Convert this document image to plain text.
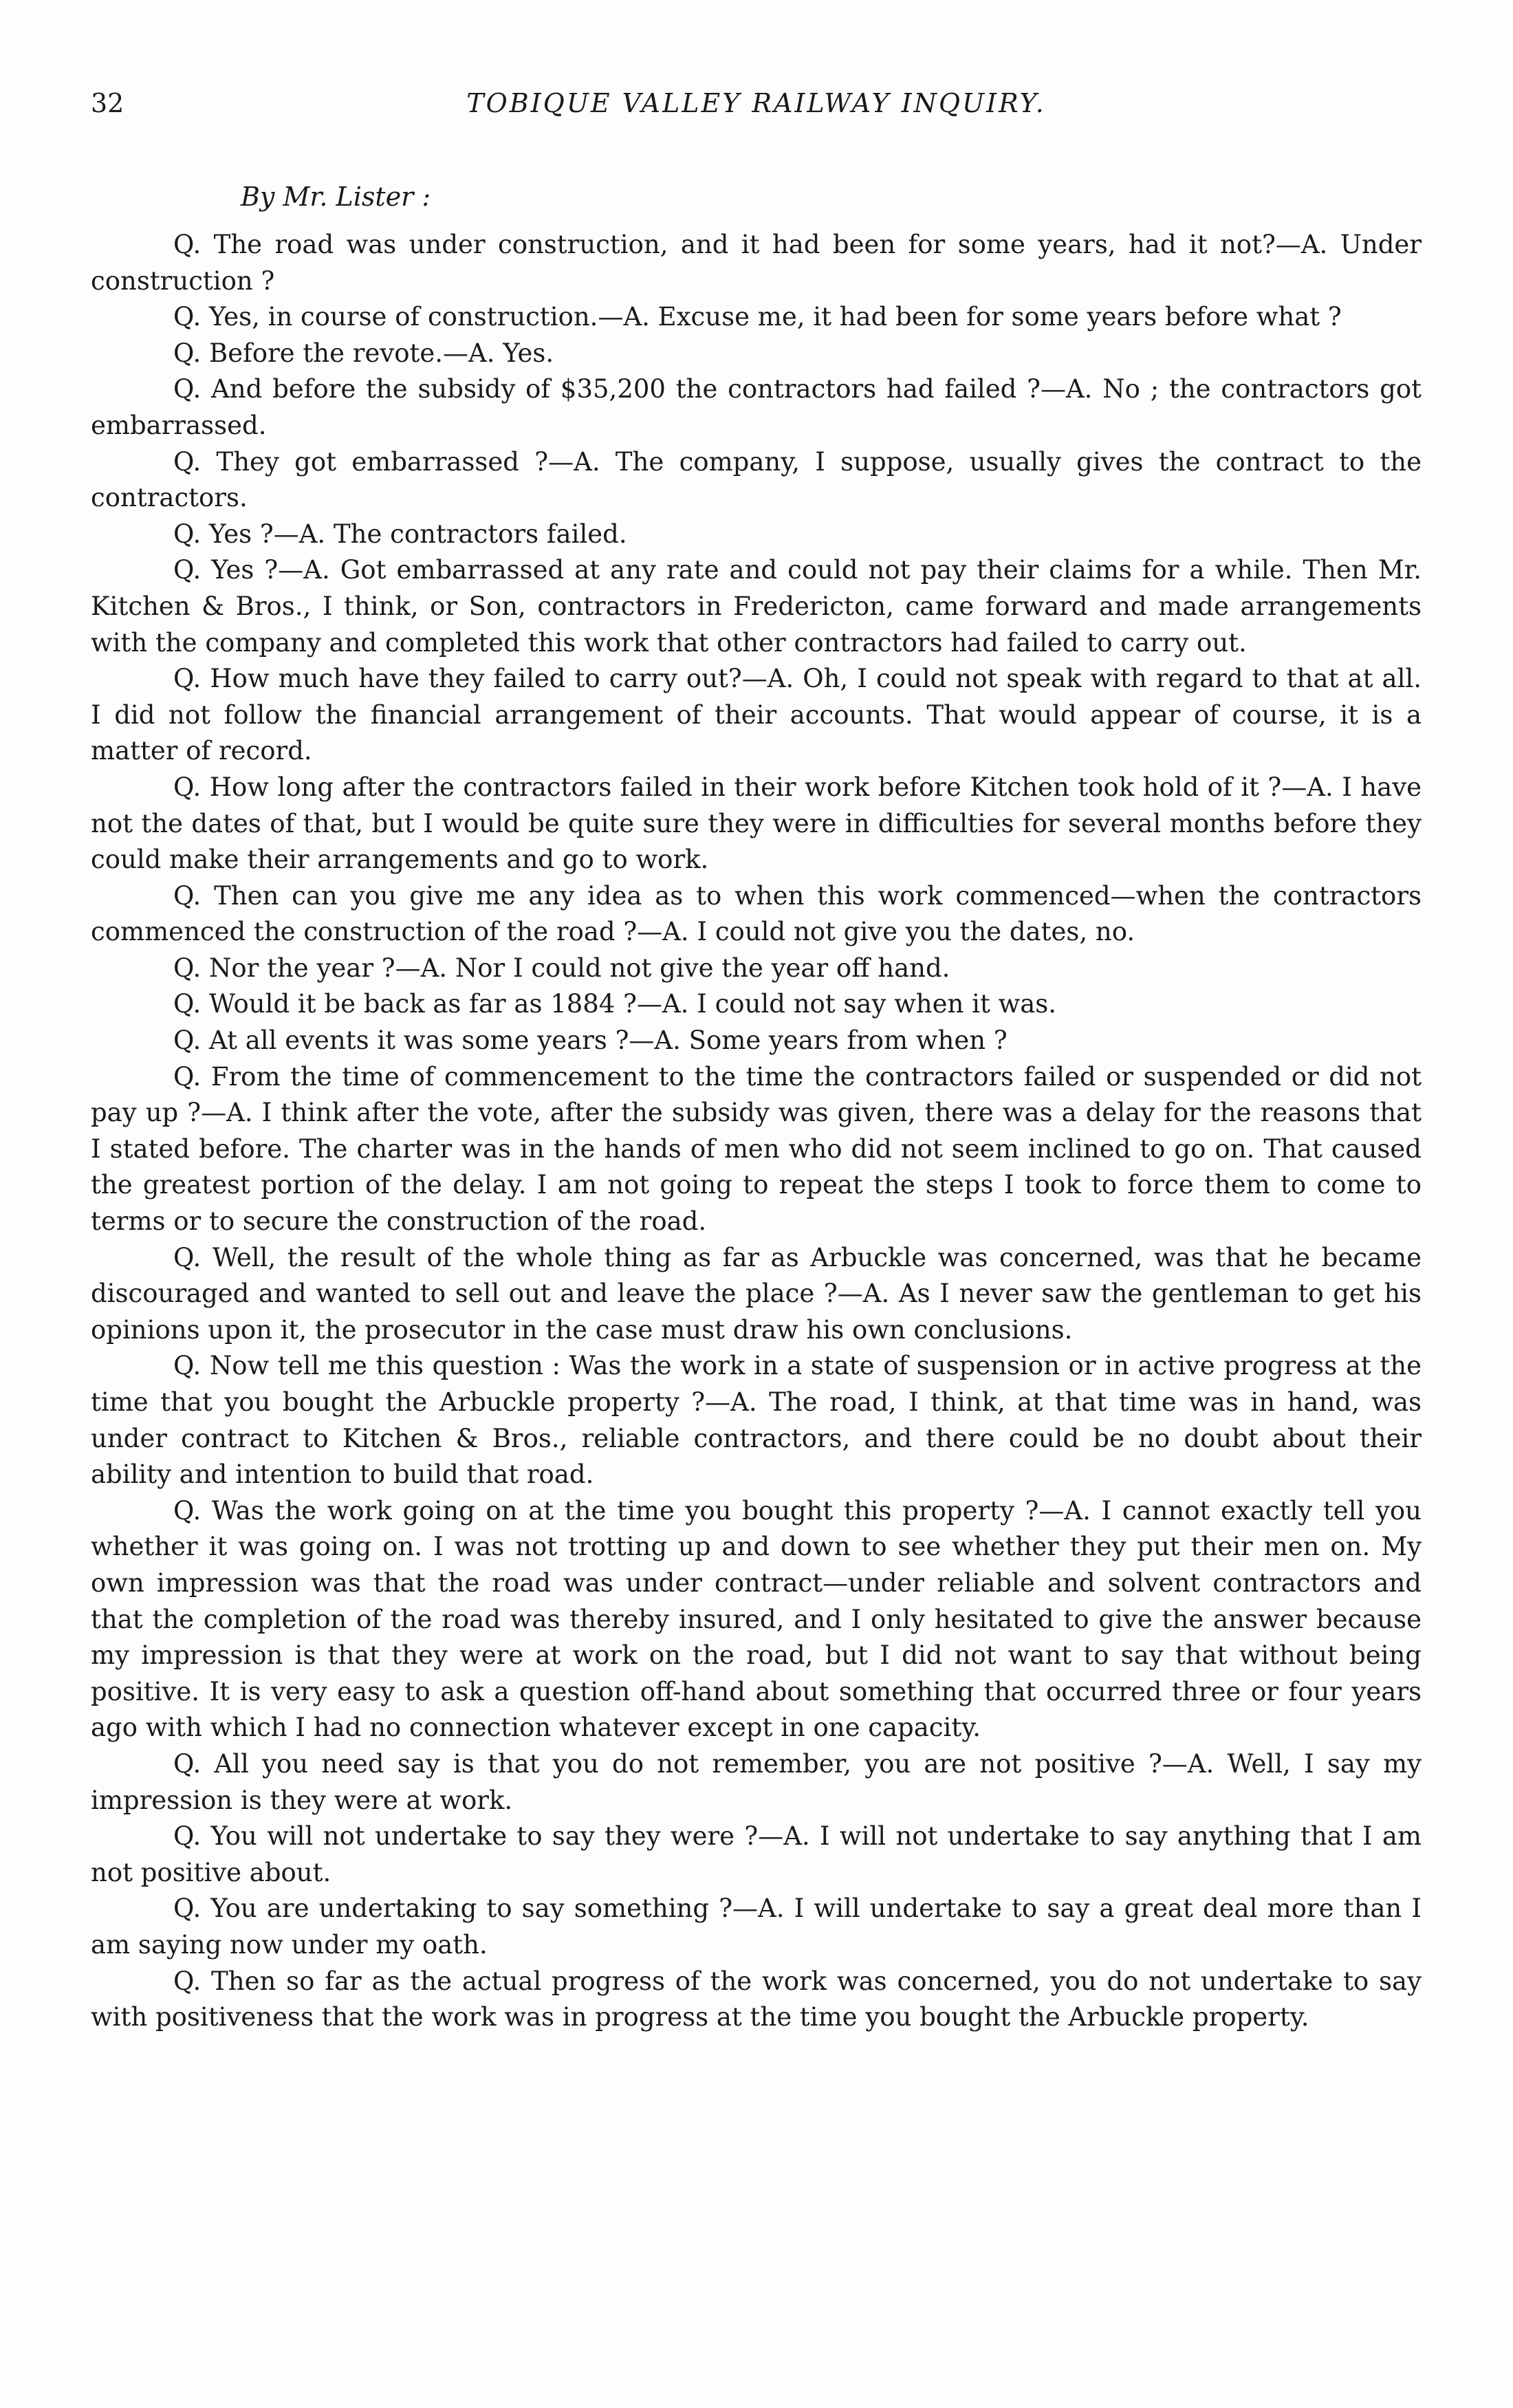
32	TOBIQUE VALLEY RAILWAY INQUIRY.
By Mr. Lister :

Q. The road was under construction, and it had been for some years, had it not?—A. Under construction ?

Q. Yes, in course of construction.—A. Excuse me, it had been for some years before what ?

Q. Before the revote.—A. Yes.

Q. And before the subsidy of $35,200 the contractors had failed ?—A. No ; the contractors got embarrassed.

Q. They got embarrassed ?—A. The company, I suppose, usually gives the contract to the contractors.

Q. Yes ?—A. The contractors failed.

Q. Yes ?—A. Got embarrassed at any rate and could not pay their claims for a while. Then Mr. Kitchen & Bros., I think, or Son, contractors in Fredericton, came forward and made arrangements with the company and completed this work that other contractors had failed to carry out.

Q. How much have they failed to carry out?—A. Oh, I could not speak with regard to that at all. I did not follow the financial arrangement of their accounts. That would appear of course, it is a matter of record.

Q. How long after the contractors failed in their work before Kitchen took hold of it ?—A. I have not the dates of that, but I would be quite sure they were in difficulties for several months before they could make their arrangements and go to work.

Q. Then can you give me any idea as to when this work commenced—when the contractors commenced the construction of the road ?—A. I could not give you the dates, no.

Q. Nor the year ?—A. Nor I could not give the year off hand.

Q. Would it be back as far as 1884 ?—A. I could not say when it was.

Q. At all events it was some years ?—A. Some years from when ?

Q. From the time of commencement to the time the contractors failed or suspended or did not pay up ?—A. I think after the vote, after the subsidy was given, there was a delay for the reasons that I stated before. The charter was in the hands of men who did not seem inclined to go on. That caused the greatest portion of the delay. I am not going to repeat the steps I took to force them to come to terms or to secure the construction of the road.

Q. Well, the result of the whole thing as far as Arbuckle was concerned, was that he became discouraged and wanted to sell out and leave the place ?—A. As I never saw the gentleman to get his opinions upon it, the prosecutor in the case must draw his own conclusions.

Q. Now tell me this question : Was the work in a state of suspension or in active progress at the time that you bought the Arbuckle property ?—A. The road, I think, at that time was in hand, was under contract to Kitchen & Bros., reliable contractors, and there could be no doubt about their ability and intention to build that road.

Q. Was the work going on at the time you bought this property ?—A. I cannot exactly tell you whether it was going on. I was not trotting up and down to see whether they put their men on. My own impression was that the road was under contract—under reliable and solvent contractors and that the completion of the road was thereby insured, and I only hesitated to give the answer because my impression is that they were at work on the road, but I did not want to say that without being positive. It is very easy to ask a question off-hand about something that occurred three or four years ago with which I had no connection whatever except in one capacity.

Q. All you need say is that you do not remember, you are not positive ?—A. Well, I say my impression is they were at work.

Q. You will not undertake to say they were ?—A. I will not undertake to say anything that I am not positive about.

Q. You are undertaking to say something ?—A. I will undertake to say a great deal more than I am saying now under my oath.

Q. Then so far as the actual progress of the work was concerned, you do not undertake to say with positiveness that the work was in progress at the time you bought the Arbuckle property.
